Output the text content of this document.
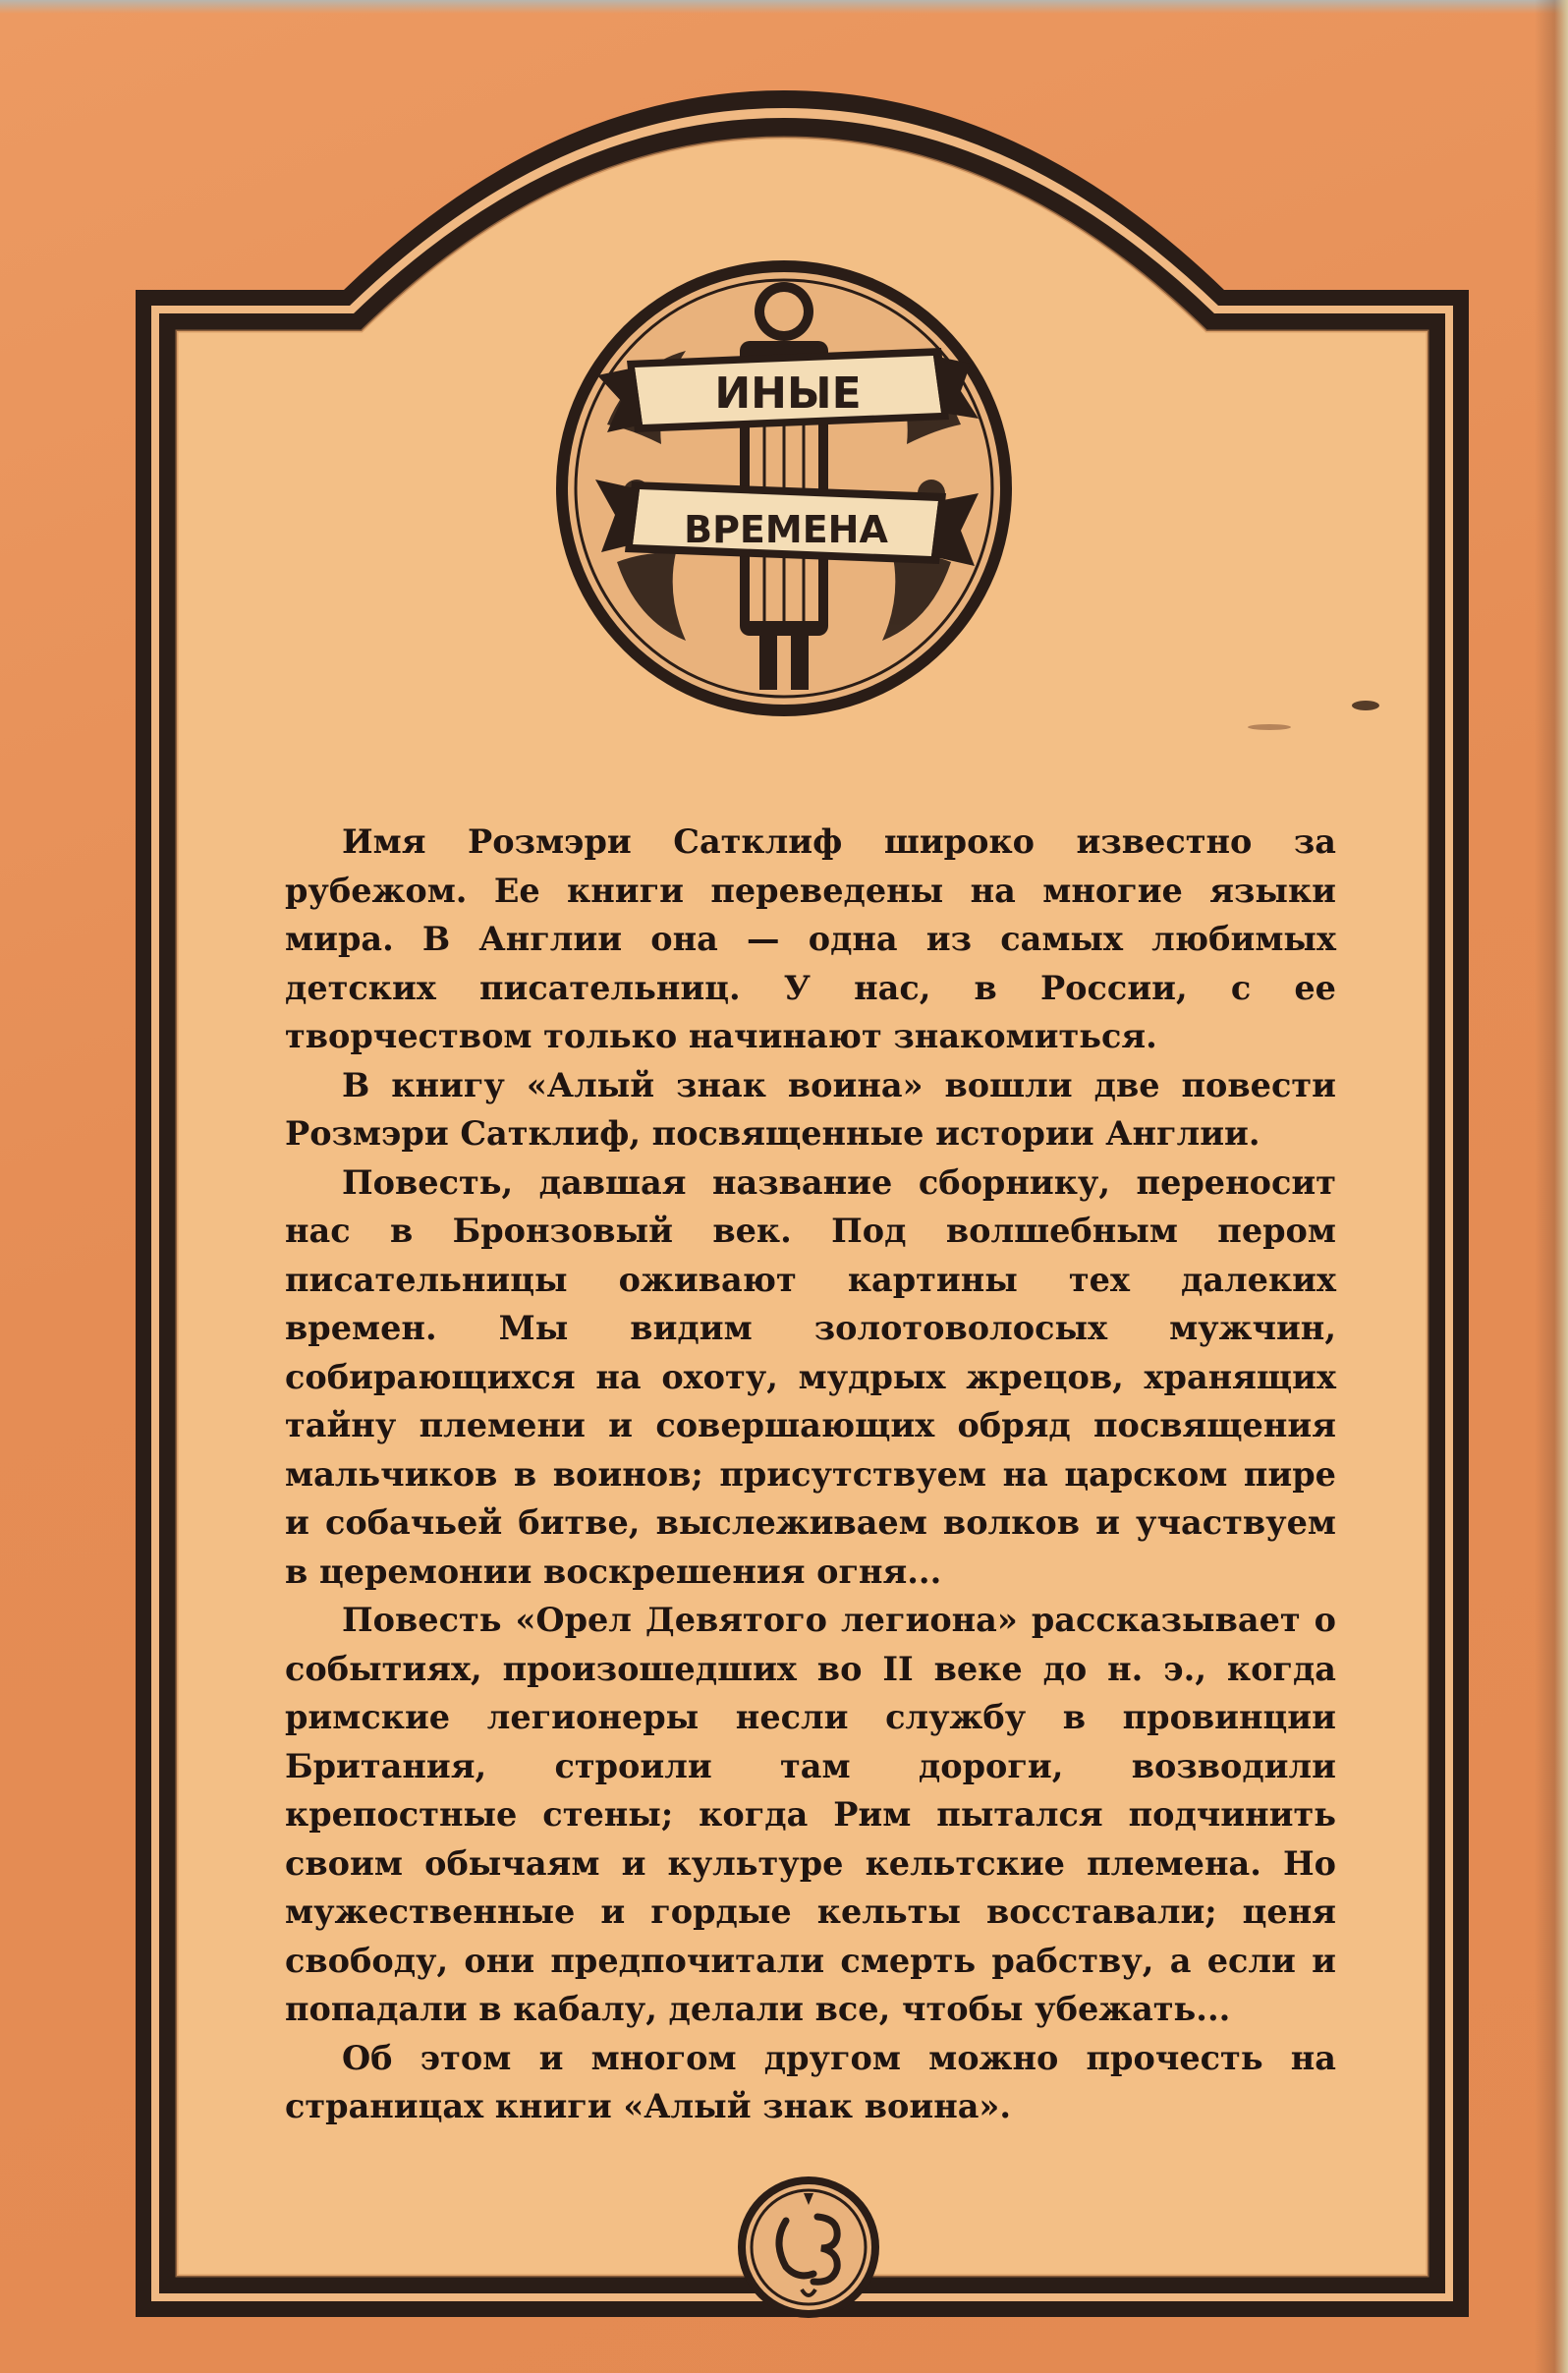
ИНЫЕ
ВРЕМЕНА

Имя Розмэри Сатклиф широко известно за рубежом. Ее книги переведены на многие языки мира. В Англии она — одна из самых любимых детских писательниц. У нас, в России, с ее творчеством только начинают знакомиться.

В книгу «Алый знак воина» вошли две повести Розмэри Сатклиф, посвященные истории Англии.

Повесть, давшая название сборнику, переносит нас в Бронзовый век. Под волшебным пером писательницы оживают картины тех далеких времен. Мы видим золотоволосых мужчин, собирающихся на охоту, мудрых жрецов, хранящих тайну племени и совершающих обряд посвящения мальчиков в воинов; присутствуем на царском пире и собачьей битве, выслеживаем волков и участвуем в церемонии воскрешения огня...

Повесть «Орел Девятого легиона» рассказывает о событиях, произошедших во II веке до н. э., когда римские легионеры несли службу в провинции Британия, строили там дороги, возводили крепостные стены; когда Рим пытался подчинить своим обычаям и культуре кельтские племена. Но мужественные и гордые кельты восставали; ценя свободу, они предпочитали смерть рабству, а если и попадали в кабалу, делали все, чтобы убежать...

Об этом и многом другом можно прочесть на страницах книги «Алый знак воина».
